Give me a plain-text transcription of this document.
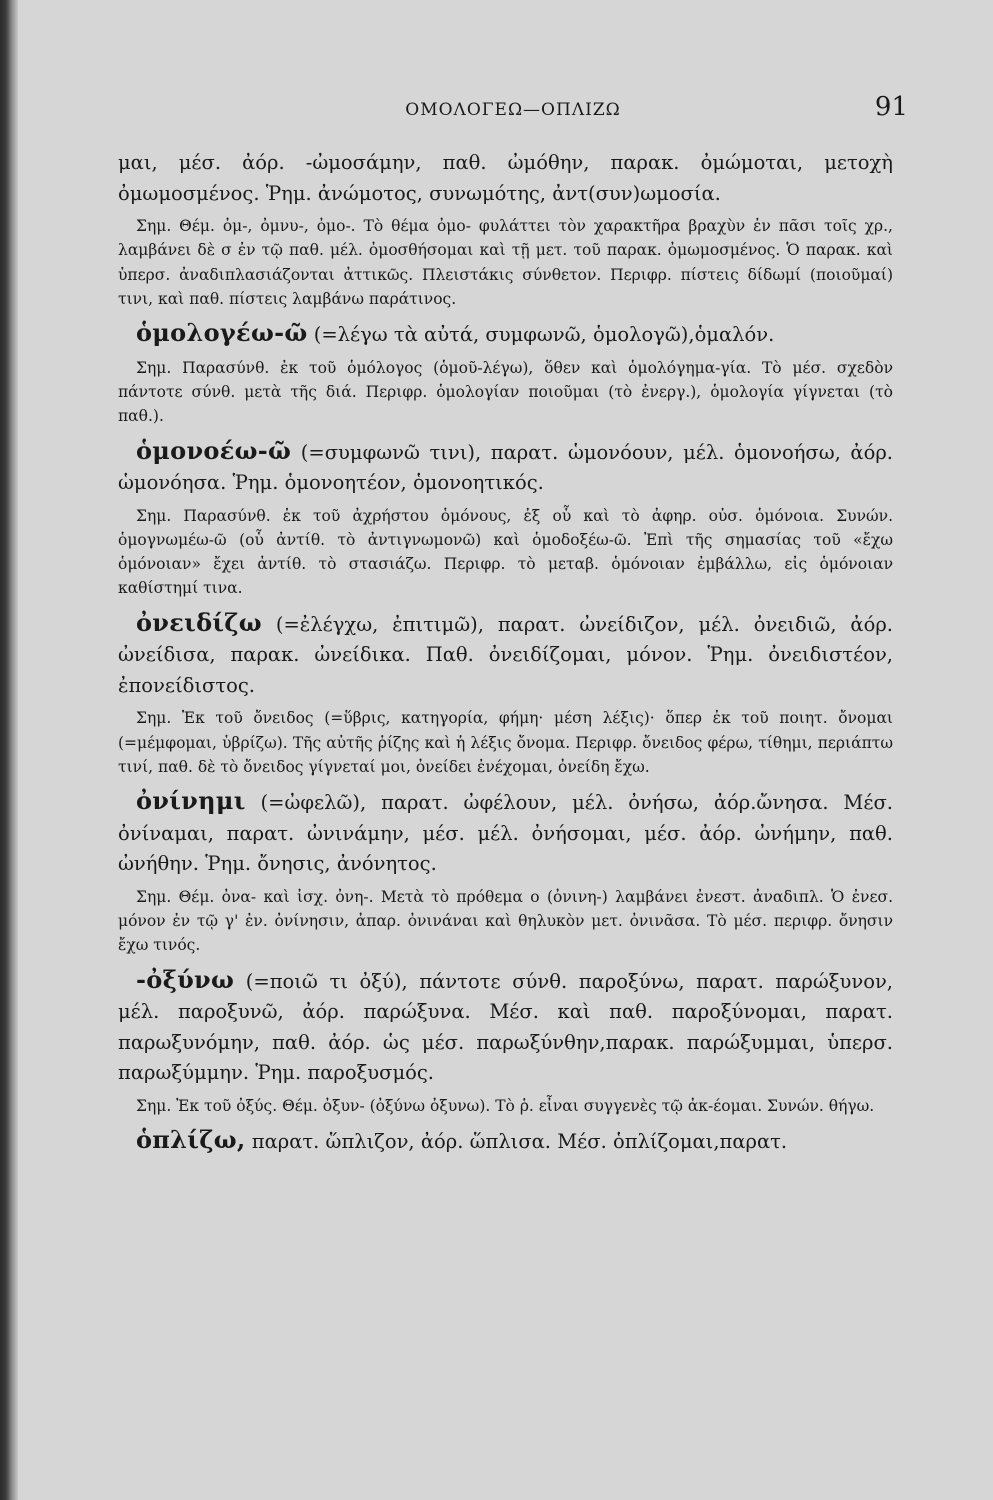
ΟΜΟΛΟΓΕΩ—ΟΠΛΙΖΩ	91

μαι, μέσ. ἀόρ. -ὠμοσάμην, παθ. ὠμόθην, παρακ. ὀμώμοται, μετοχὴ ὀμωμοσμένος. Ῥημ. ἀνώμοτος, συνωμότης, ἀντ(συν)ωμοσία.

Σημ. Θέμ. ὀμ-, ὀμνυ-, ὀμο-. Τὸ θέμα ὀμο- φυλάττει τὸν χαρακτῆρα βραχὺν ἐν πᾶσι τοῖς χρ., λαμβάνει δὲ σ ἐν τῷ παθ. μέλ. ὀμοσθήσομαι καὶ τῇ μετ. τοῦ παρακ. ὀμωμοσμένος. Ὁ παρακ. καὶ ὑπερσ. ἀναδιπλασιάζονται ἀττικῶς. Πλειστάκις σύνθετον. Περιφρ. πίστεις δίδωμί (ποιοῦμαί) τινι, καὶ παθ. πίστεις λαμβάνω παράτινος.

ὁμολογέω-ῶ (=λέγω τὰ αὐτά, συμφωνῶ, ὁμολογῶ),ὁμαλόν.

Σημ. Παρασύνθ. ἐκ τοῦ ὁμόλογος (ὁμοῦ-λέγω), ὅθεν καὶ ὁμολόγημα-γία. Τὸ μέσ. σχεδὸν πάντοτε σύνθ. μετὰ τῆς διά. Περιφρ. ὁμολογίαν ποιοῦμαι (τὸ ἐνεργ.), ὁμολογία γίγνεται (τὸ παθ.).

ὁμονοέω-ῶ (=συμφωνῶ τινι), παρατ. ὡμονόουν, μέλ. ὁμονοήσω, ἀόρ. ὡμονόησα. Ῥημ. ὁμονοητέον, ὁμονοητικός.

Σημ. Παρασύνθ. ἐκ τοῦ ἀχρήστου ὁμόνους, ἐξ οὗ καὶ τὸ ἀφηρ. οὐσ. ὁμόνοια. Συνών. ὁμογνωμέω-ῶ (οὗ ἀντίθ. τὸ ἀντιγνωμονῶ) καὶ ὁμοδοξέω-ῶ. Ἐπὶ τῆς σημασίας τοῦ «ἔχω ὁμόνοιαν» ἔχει ἀντίθ. τὸ στασιάζω. Περιφρ. τὸ μεταβ. ὁμόνοιαν ἐμβάλλω, εἰς ὁμόνοιαν καθίστημί τινα.

ὀνειδίζω (=ἐλέγχω, ἐπιτιμῶ), παρατ. ὠνείδιζον, μέλ. ὀνειδιῶ, ἀόρ. ὠνείδισα, παρακ. ὠνείδικα. Παθ. ὀνειδίζομαι, μόνον. Ῥημ. ὀνειδιστέον, ἐπονείδιστος.

Σημ. Ἐκ τοῦ ὄνειδος (=ὕβρις, κατηγορία, φήμη· μέση λέξις)· ὅπερ ἐκ τοῦ ποιητ. ὄνομαι (=μέμφομαι, ὑβρίζω). Τῆς αὐτῆς ῥίζης καὶ ἡ λέξις ὄνομα. Περιφρ. ὄνειδος φέρω, τίθημι, περιάπτω τινί, παθ. δὲ τὸ ὄνειδος γίγνεταί μοι, ὀνείδει ἐνέχομαι, ὀνείδη ἔχω.

ὀνίνημι (=ὠφελῶ), παρατ. ὠφέλουν, μέλ. ὀνήσω, ἀόρ.ὤνησα. Μέσ. ὀνίναμαι, παρατ. ὠνινάμην, μέσ. μέλ. ὀνήσομαι, μέσ. ἀόρ. ὠνήμην, παθ. ὠνήθην. Ῥημ. ὄνησις, ἀνόνητος.

Σημ. Θέμ. ὀνα- καὶ ἰσχ. ὀνη-. Μετὰ τὸ πρόθεμα ο (ὀνινη-) λαμβάνει ἐνεστ. ἀναδιπλ. Ὁ ἐνεσ. μόνον ἐν τῷ γ' ἐν. ὀνίνησιν, ἀπαρ. ὀνινάναι καὶ θηλυκὸν μετ. ὀνινᾶσα. Τὸ μέσ. περιφρ. ὄνησιν ἔχω τινός.

-ὀξύνω (=ποιῶ τι ὀξύ), πάντοτε σύνθ. παροξύνω, παρατ. παρώξυνον, μέλ. παροξυνῶ, ἀόρ. παρώξυνα. Μέσ. καὶ παθ. παροξύνομαι, παρατ. παρωξυνόμην, παθ. ἀόρ. ὡς μέσ. παρωξύνθην,παρακ. παρώξυμμαι, ὑπερσ. παρωξύμμην. Ῥημ. παροξυσμός.

Σημ. Ἐκ τοῦ ὀξύς. Θέμ. ὀξυν- (ὀξύνω ὀξυνω). Τὸ ῥ. εἶναι συγγενὲς τῷ ἀκ-έομαι. Συνών. θήγω.

ὁπλίζω, παρατ. ὥπλιζον, ἀόρ. ὥπλισα. Μέσ. ὁπλίζομαι,παρατ.
